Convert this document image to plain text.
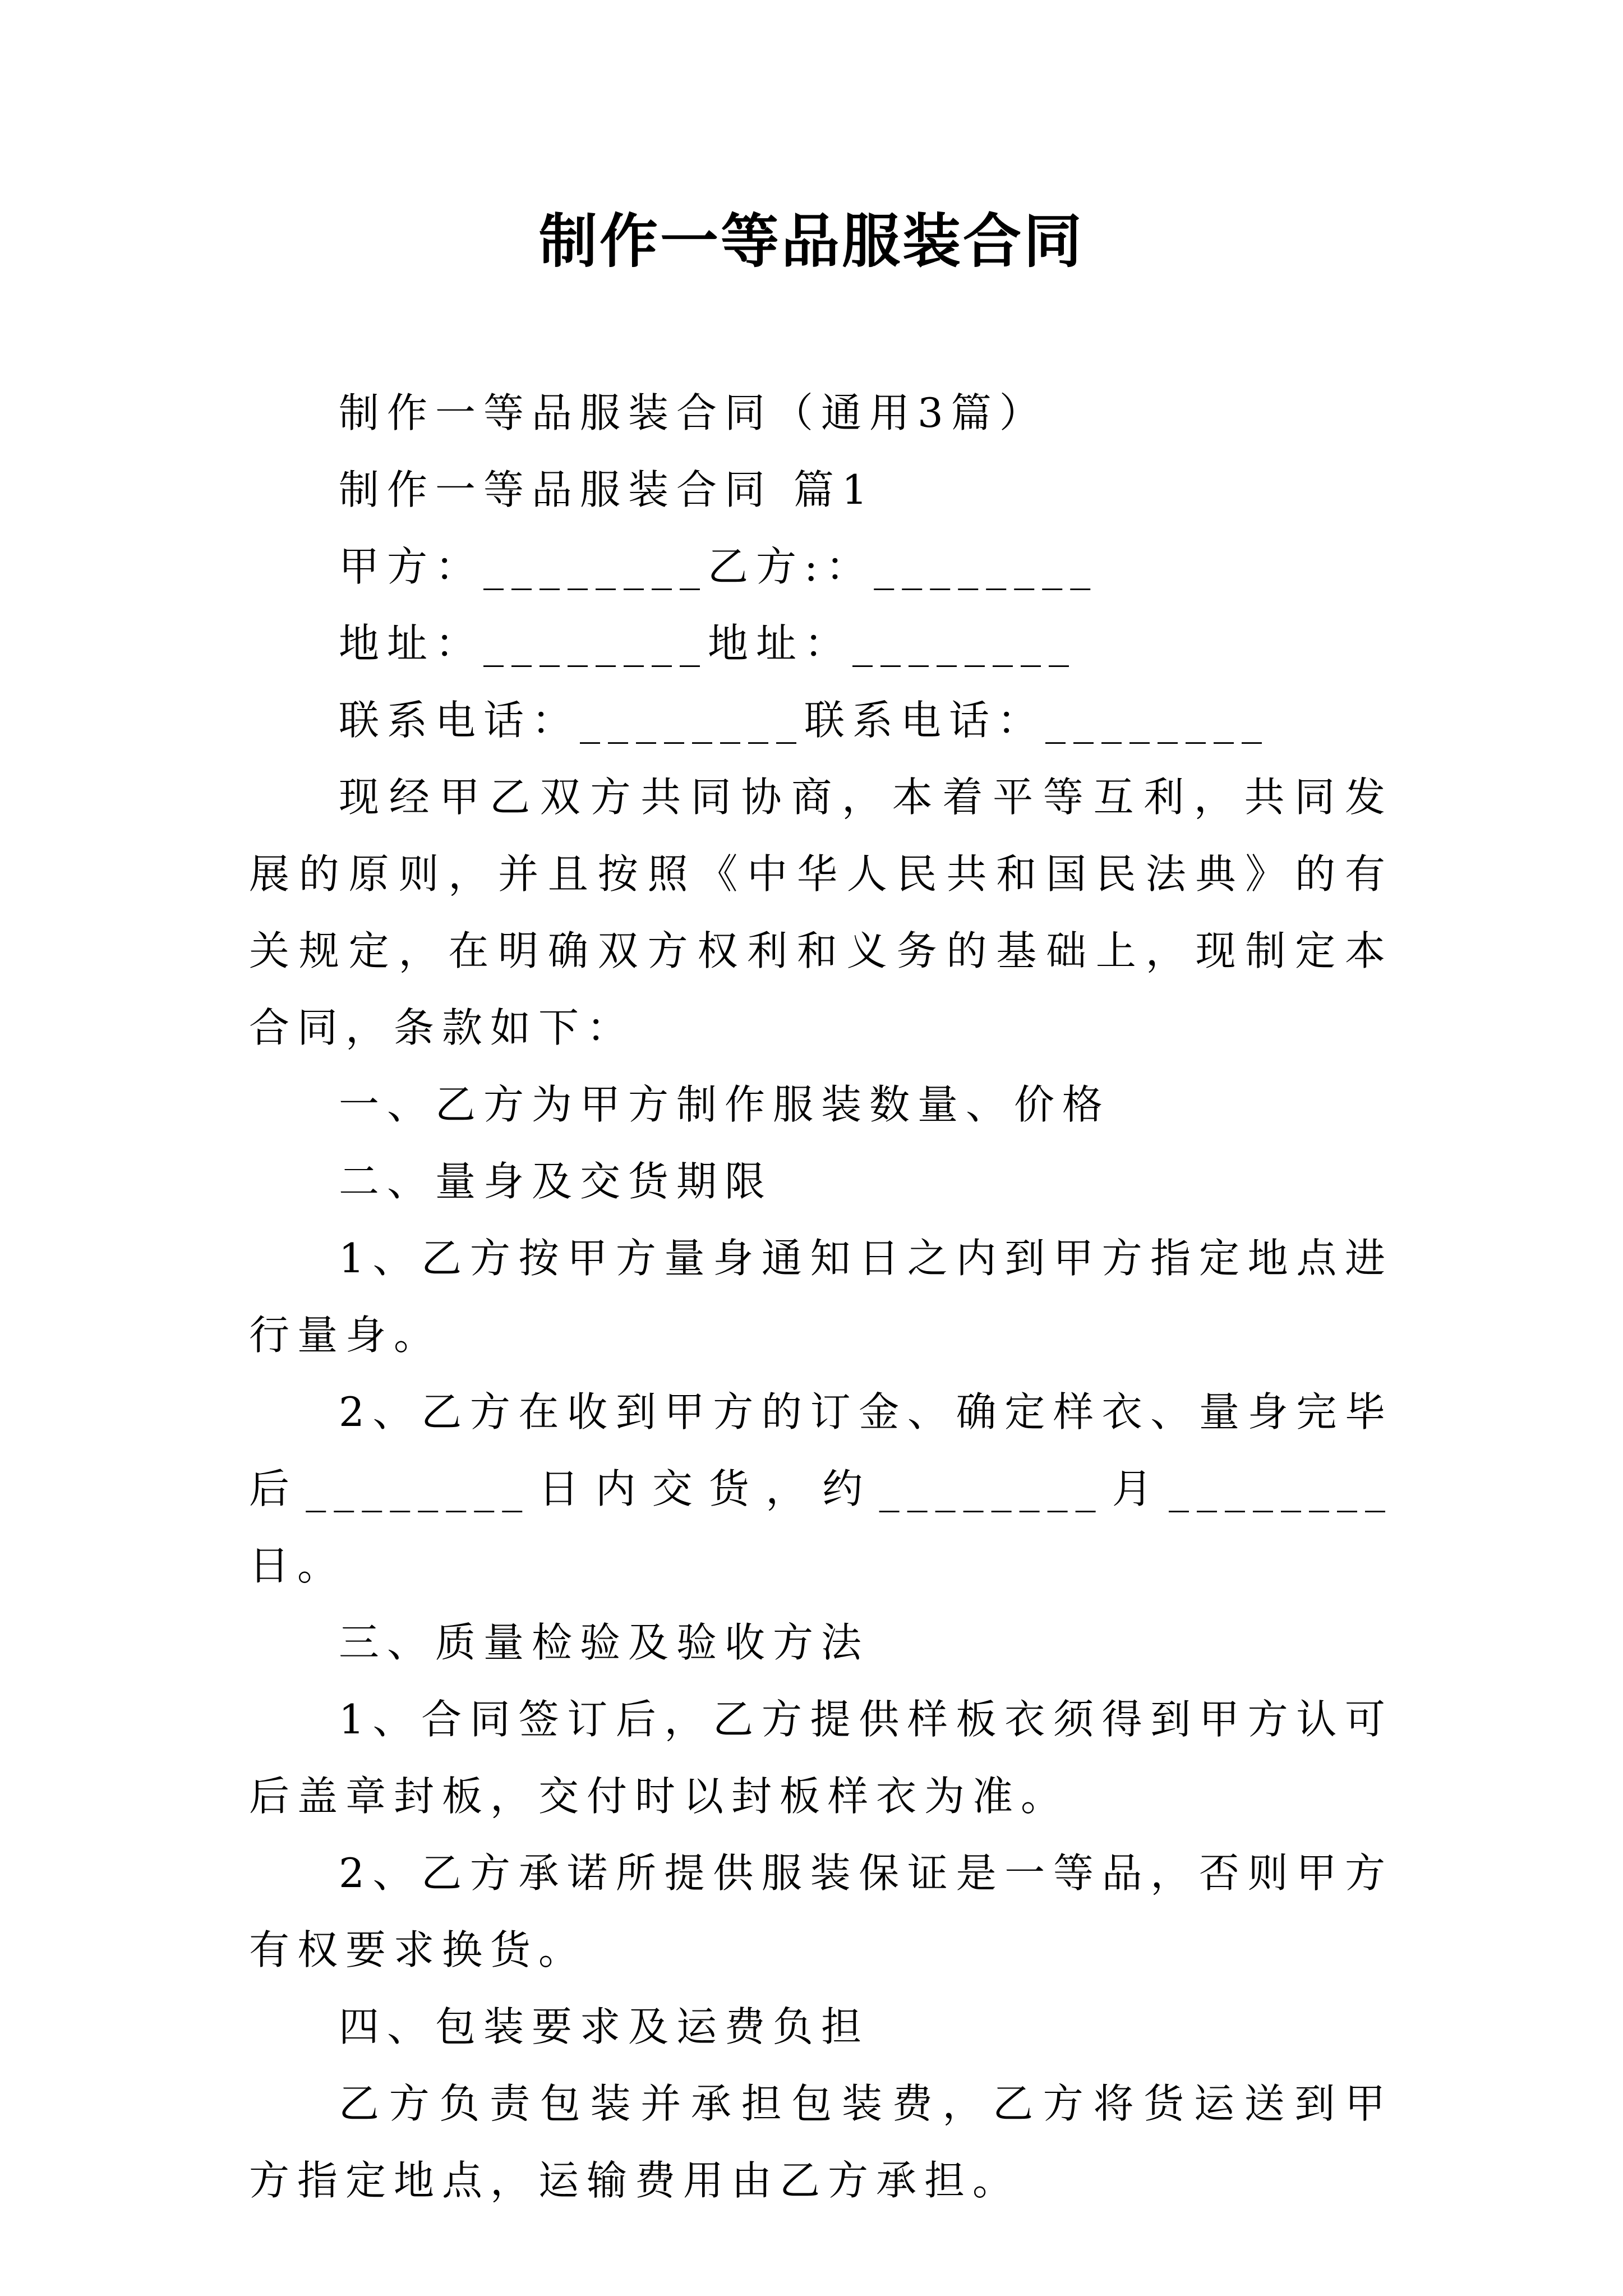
制作一等品服装合同

制作一等品服装合同（通用3篇）

制作一等品服装合同 篇1

甲方：________乙方:：________

地址：________地址：________

联系电话：________联系电话：________

现经甲乙双方共同协商，本着平等互利，共同发展的原则，并且按照《中华人民共和国民法典》的有关规定，在明确双方权利和义务的基础上，现制定本合同，条款如下：

一、乙方为甲方制作服装数量、价格

二、量身及交货期限

1、乙方按甲方量身通知日之内到甲方指定地点进行量身。

2、乙方在收到甲方的订金、确定样衣、量身完毕后________日内交货，约________月________日。

三、质量检验及验收方法

1、合同签订后，乙方提供样板衣须得到甲方认可后盖章封板，交付时以封板样衣为准。

2、乙方承诺所提供服装保证是一等品，否则甲方有权要求换货。

四、包装要求及运费负担

乙方负责包装并承担包装费，乙方将货运送到甲方指定地点，运输费用由乙方承担。
